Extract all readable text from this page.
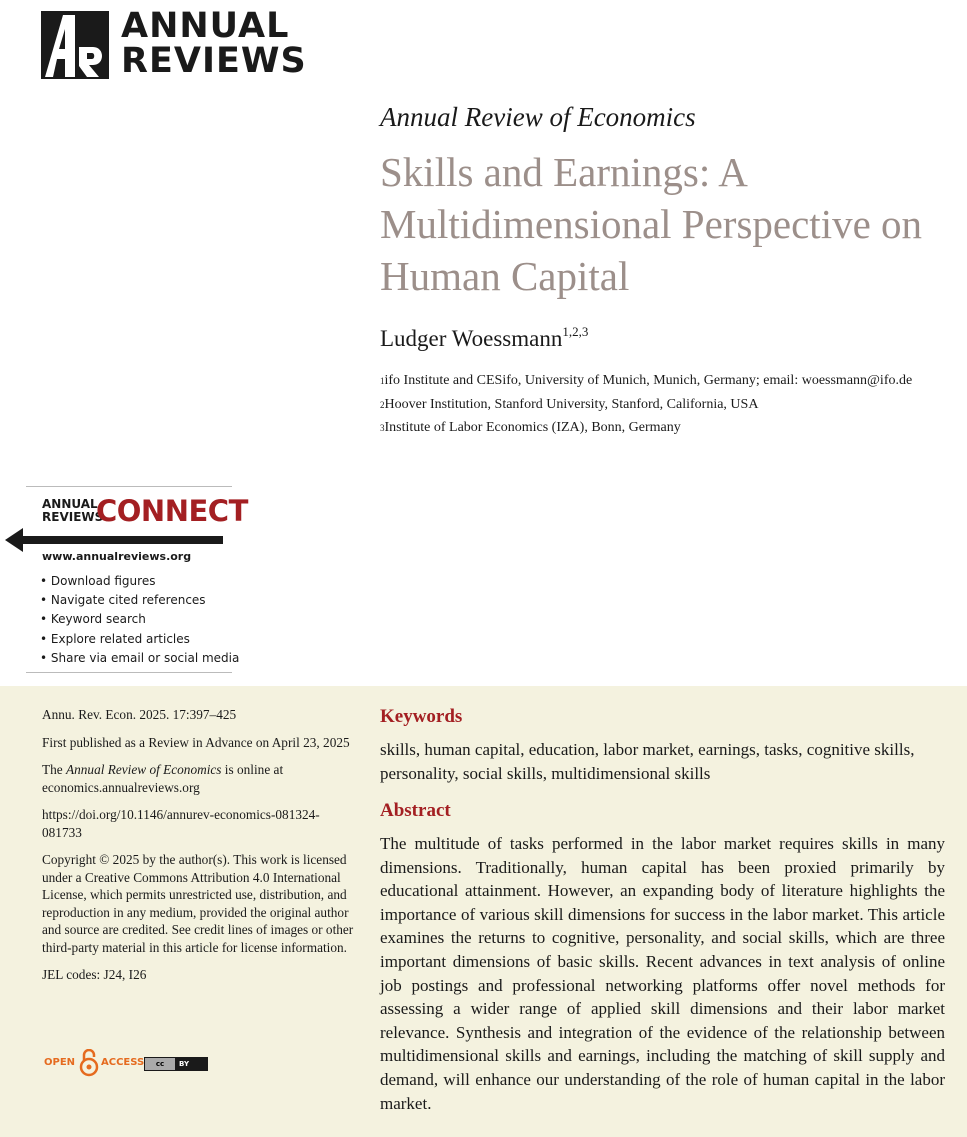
ANNUAL
REVIEWS
Annual Review of Economics
Skills and Earnings: A Multidimensional Perspective on Human Capital
Ludger Woessmann$^{1,2,3}$
$^1$ifo Institute and CESifo, University of Munich, Munich, Germany; email: woessmann@ifo.de
$^2$Hoover Institution, Stanford University, Stanford, California, USA
$^3$Institute of Labor Economics (IZA), Bonn, Germany
ANNUAL
REVIEWS
CONNECT
www.annualreviews.org
• Download figures
• Navigate cited references
• Keyword search
• Explore related articles
• Share via email or social media

Annu. Rev. Econ. 2025. 17:397–425

First published as a Review in Advance on April 23, 2025

The Annual Review of Economics is online at economics.annualreviews.org

https://doi.org/10.1146/annurev-economics-081324-081733

Copyright © 2025 by the author(s). This work is licensed under a Creative Commons Attribution 4.0 International License, which permits unrestricted use, distribution, and reproduction in any medium, provided the original author and source are credited. See credit lines of images or other third-party material in this article for license information.

JEL codes: J24, I26

OPEN	ACCESS	cc	BY
Keywords
skills, human capital, education, labor market, earnings, tasks, cognitive skills, personality, social skills, multidimensional skills
Abstract
The multitude of tasks performed in the labor market requires skills in many dimensions. Traditionally, human capital has been proxied primarily by educational attainment. However, an expanding body of literature highlights the importance of various skill dimensions for success in the labor market. This article examines the returns to cognitive, personality, and social skills, which are three important dimensions of basic skills. Recent advances in text analysis of online job postings and professional networking platforms offer novel methods for assessing a wider range of applied skill dimensions and their labor market relevance. Synthesis and integration of the evidence of the relationship between multidimensional skills and earnings, including the matching of skill supply and demand, will enhance our understanding of the role of human capital in the labor market.
